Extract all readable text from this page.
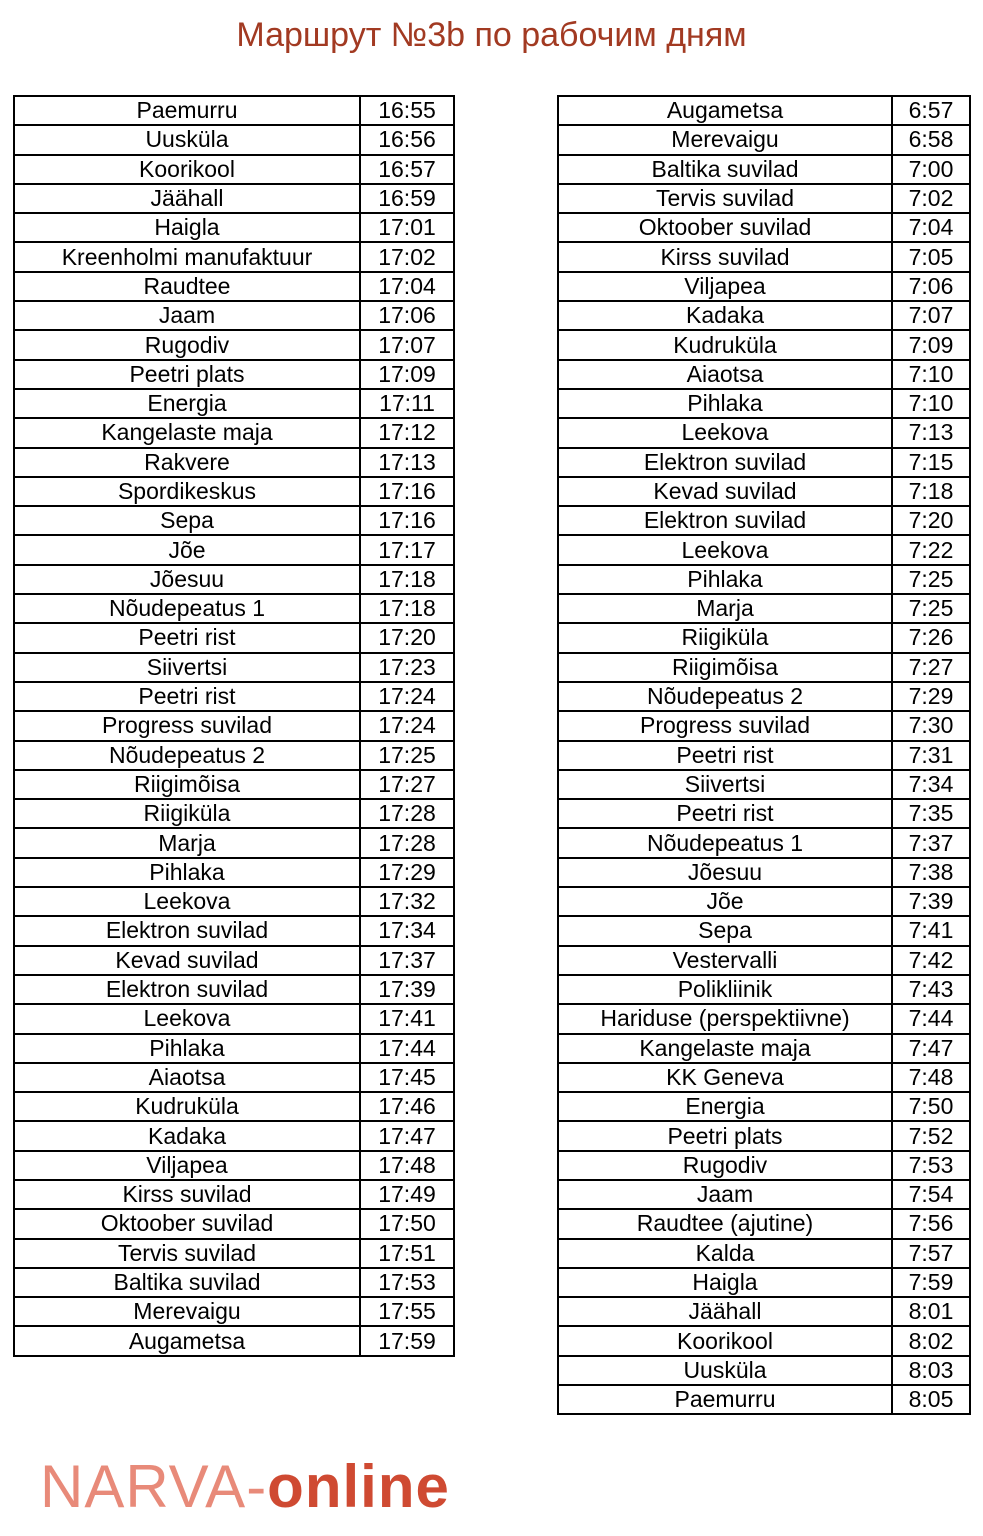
Маршрут №3b по рабочим дням
Paemurru	16:55
Uusküla	16:56
Koorikool	16:57
Jäähall	16:59
Haigla	17:01
Kreenholmi manufaktuur	17:02
Raudtee	17:04
Jaam	17:06
Rugodiv	17:07
Peetri plats	17:09
Energia	17:11
Kangelaste maja	17:12
Rakvere	17:13
Spordikeskus	17:16
Sepa	17:16
Jõe	17:17
Jõesuu	17:18
Nõudepeatus 1	17:18
Peetri rist	17:20
Siivertsi	17:23
Peetri rist	17:24
Progress suvilad	17:24
Nõudepeatus 2	17:25
Riigimõisa	17:27
Riigiküla	17:28
Marja	17:28
Pihlaka	17:29
Leekova	17:32
Elektron suvilad	17:34
Kevad suvilad	17:37
Elektron suvilad	17:39
Leekova	17:41
Pihlaka	17:44
Aiaotsa	17:45
Kudruküla	17:46
Kadaka	17:47
Viljapea	17:48
Kirss suvilad	17:49
Oktoober suvilad	17:50
Tervis suvilad	17:51
Baltika suvilad	17:53
Merevaigu	17:55
Augametsa	17:59
Augametsa	6:57
Merevaigu	6:58
Baltika suvilad	7:00
Tervis suvilad	7:02
Oktoober suvilad	7:04
Kirss suvilad	7:05
Viljapea	7:06
Kadaka	7:07
Kudruküla	7:09
Aiaotsa	7:10
Pihlaka	7:10
Leekova	7:13
Elektron suvilad	7:15
Kevad suvilad	7:18
Elektron suvilad	7:20
Leekova	7:22
Pihlaka	7:25
Marja	7:25
Riigiküla	7:26
Riigimõisa	7:27
Nõudepeatus 2	7:29
Progress suvilad	7:30
Peetri rist	7:31
Siivertsi	7:34
Peetri rist	7:35
Nõudepeatus 1	7:37
Jõesuu	7:38
Jõe	7:39
Sepa	7:41
Vestervalli	7:42
Polikliinik	7:43
Hariduse (perspektiivne)	7:44
Kangelaste maja	7:47
KK Geneva	7:48
Energia	7:50
Peetri plats	7:52
Rugodiv	7:53
Jaam	7:54
Raudtee (ajutine)	7:56
Kalda	7:57
Haigla	7:59
Jäähall	8:01
Koorikool	8:02
Uusküla	8:03
Paemurru	8:05
NARVA-online
